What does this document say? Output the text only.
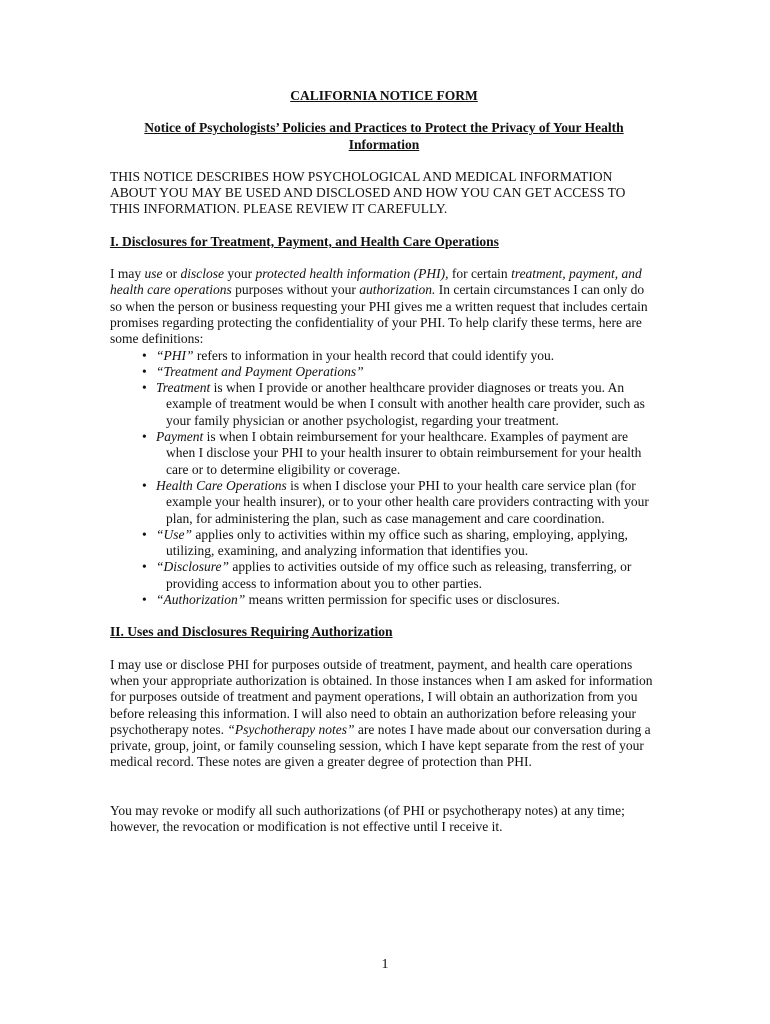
CALIFORNIA NOTICE FORM

Notice of Psychologists’ Policies and Practices to Protect the Privacy of Your Health Information

THIS NOTICE DESCRIBES HOW PSYCHOLOGICAL AND MEDICAL INFORMATION ABOUT YOU MAY BE USED AND DISCLOSED AND HOW YOU CAN GET ACCESS TO THIS INFORMATION. PLEASE REVIEW IT CAREFULLY.

I. Disclosures for Treatment, Payment, and Health Care Operations

I may use or disclose your protected health information (PHI), for certain treatment, payment, and health care operations purposes without your authorization. In certain circumstances I can only do so when the person or business requesting your PHI gives me a written request that includes certain promises regarding protecting the confidentiality of your PHI. To help clarify these terms, here are some definitions:

• “PHI” refers to information in your health record that could identify you.
• “Treatment and Payment Operations”
• Treatment is when I provide or another healthcare provider diagnoses or treats you. An example of treatment would be when I consult with another health care provider, such as your family physician or another psychologist, regarding your treatment.
• Payment is when I obtain reimbursement for your healthcare. Examples of payment are when I disclose your PHI to your health insurer to obtain reimbursement for your health care or to determine eligibility or coverage.
• Health Care Operations is when I disclose your PHI to your health care service plan (for example your health insurer), or to your other health care providers contracting with your plan, for administering the plan, such as case management and care coordination.
• “Use” applies only to activities within my office such as sharing, employing, applying, utilizing, examining, and analyzing information that identifies you.
• “Disclosure” applies to activities outside of my office such as releasing, transferring, or providing access to information about you to other parties.
• “Authorization” means written permission for specific uses or disclosures.

II. Uses and Disclosures Requiring Authorization

I may use or disclose PHI for purposes outside of treatment, payment, and health care operations when your appropriate authorization is obtained. In those instances when I am asked for information for purposes outside of treatment and payment operations, I will obtain an authorization from you before releasing this information. I will also need to obtain an authorization before releasing your psychotherapy notes. “Psychotherapy notes” are notes I have made about our conversation during a private, group, joint, or family counseling session, which I have kept separate from the rest of your medical record. These notes are given a greater degree of protection than PHI.

You may revoke or modify all such authorizations (of PHI or psychotherapy notes) at any time; however, the revocation or modification is not effective until I receive it.

1
